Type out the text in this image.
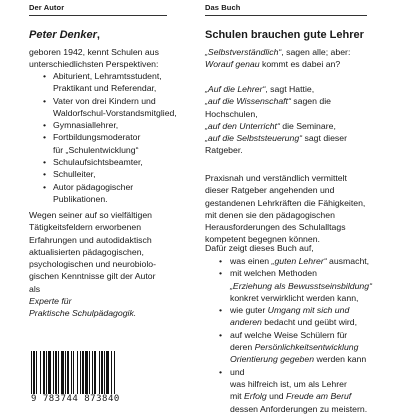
Der Autor
Peter Denker,
geboren 1942, kennt Schulen aus
unterschiedlichsten Perspektiven:
• Abiturient, Lehramtsstudent,
Praktikant und Referendar,
• Vater von drei Kindern und
Waldorfschul-Vorstandsmitglied,
• Gymnasiallehrer,
• Fortbildungsmoderator
für „Schulentwicklung“
• Schulaufsichtsbeamter,
• Schulleiter,
• Autor pädagogischer
Publikationen.
Wegen seiner auf so vielfältigen
Tätigkeitsfeldern erworbenen
Erfahrungen und autodidaktisch
aktualisierten pädagogischen,
psychologischen und neurobiolo-
gischen Kenntnisse gilt der Autor
als
Experte für
Praktische Schulpädagogik.
Das Buch
Schulen brauchen gute Lehrer
„Selbstverständlich“, sagen alle; aber:
Worauf genau kommt es dabei an?
„Auf die Lehrer“, sagt Hattie,
„auf die Wissenschaft“ sagen die
Hochschulen,
„auf den Unterricht“ die Seminare,
„auf die Selbststeuerung“ sagt dieser
Ratgeber.
Praxisnah und verständlich vermittelt
dieser Ratgeber angehenden und
gestandenen Lehrkräften die Fähigkeiten,
mit denen sie den pädagogischen
Herausforderungen des Schulalltags
kompetent begegnen können.
Dafür zeigt dieses Buch auf,
• was einen „guten Lehrer“ ausmacht,
• mit welchen Methoden
„Erziehung als Bewusstseinsbildung“
konkret verwirklicht werden kann,
• wie guter Umgang mit sich und
anderen bedacht und geübt wird,
• auf welche Weise Schülern für
deren Persönlichkeitsentwicklung
Orientierung gegeben werden kann
• und
was hilfreich ist, um als Lehrer
mit Erfolg und Freude am Beruf
dessen Anforderungen zu meistern.
9 783744 873840
